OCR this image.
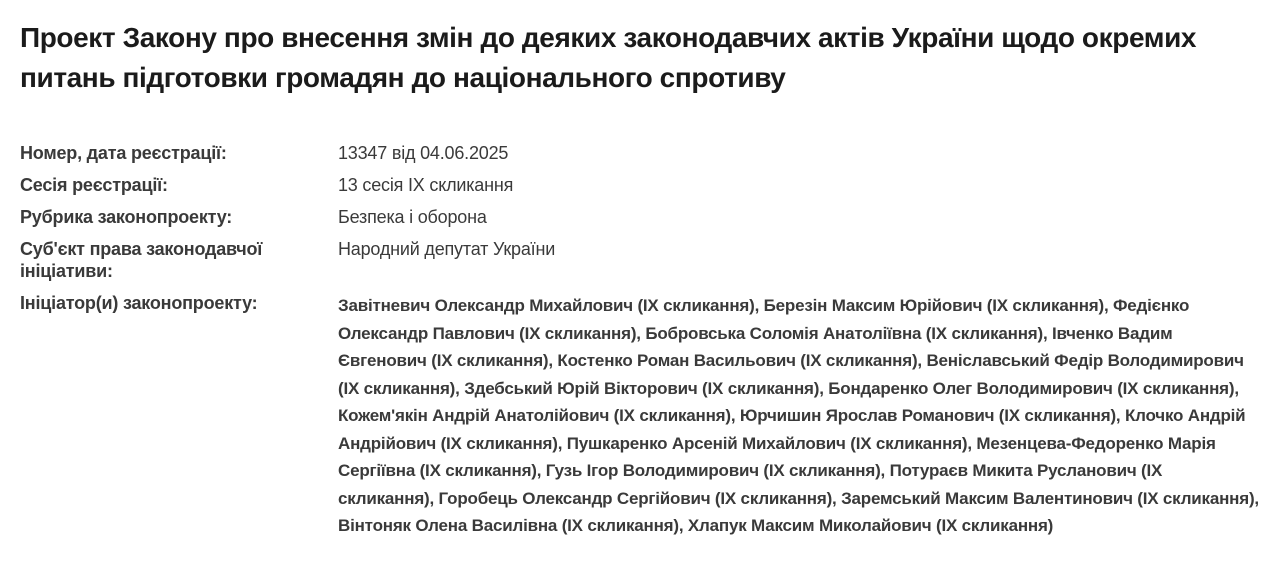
Проект Закону про внесення змін до деяких законодавчих актів України щодо окремих питань підготовки громадян до національного спротиву
Номер, дата реєстрації:	13347 від 04.06.2025
Сесія реєстрації:	13 сесія IX скликання
Рубрика законопроекту:	Безпека і оборона
Суб'єкт права законодавчої ініціативи:
Народний депутат України
Ініціатор(и) законопроекту:	Завітневич Олександр Михайлович (ІХ скликання), Березін Максим Юрійович (ІХ скликання), Федієнко Олександр Павлович (ІХ скликання), Бобровська Соломія Анатоліївна (ІХ скликання), Івченко Вадим Євгенович (ІХ скликання), Костенко Роман Васильович (ІХ скликання), Веніславський Федір Володимирович (ІХ скликання), Здебський Юрій Вікторович (ІХ скликання), Бондаренко Олег Володимирович (ІХ скликання), Кожем'якін Андрій Анатолійович (ІХ скликання), Юрчишин Ярослав Романович (ІХ скликання), Клочко Андрій Андрійович (ІХ скликання), Пушкаренко Арсеній Михайлович (ІХ скликання), Мезенцева-Федоренко Марія Сергіївна (ІХ скликання), Гузь Ігор Володимирович (ІХ скликання), Потураєв Микита Русланович (ІХ скликання), Горобець Олександр Сергійович (ІХ скликання), Заремський Максим Валентинович (ІХ скликання), Вінтоняк Олена Василівна (ІХ скликання), Хлапук Максим Миколайович (ІХ скликання)
